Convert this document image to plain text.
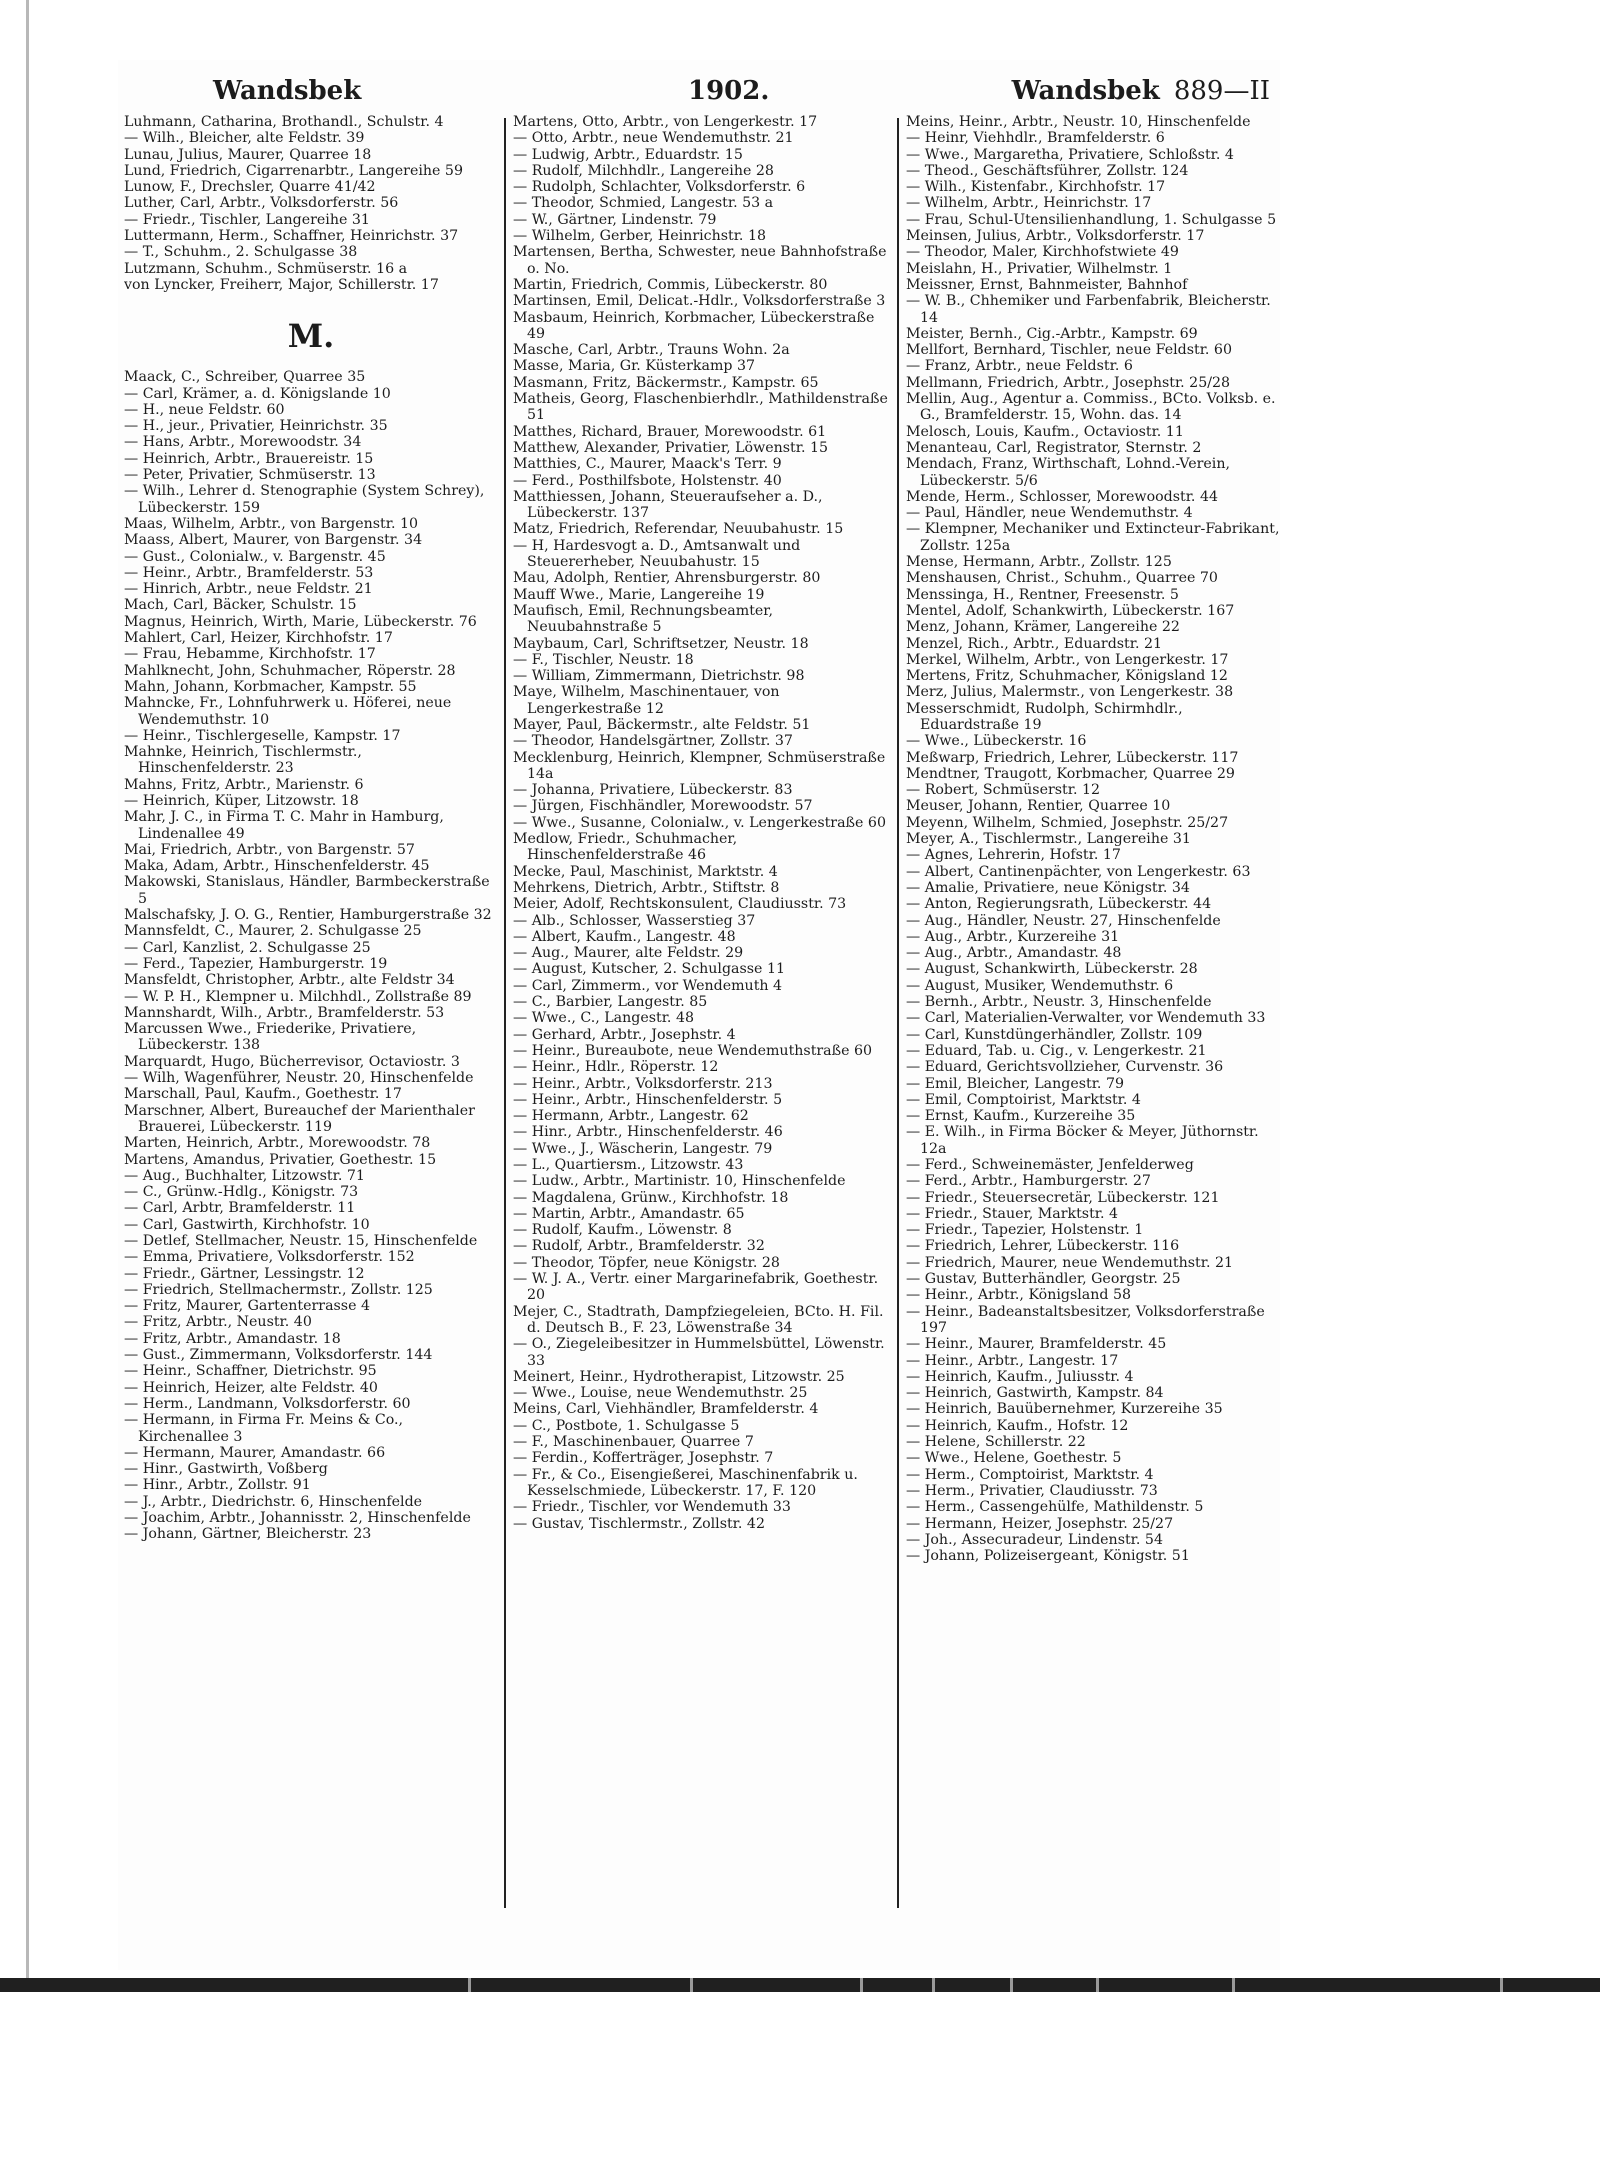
Wandsbek	1902.	Wandsbek 889—II

Luhmann, Catharina, Brothandl., Schulstr. 4

— Wilh., Bleicher, alte Feldstr. 39

Lunau, Julius, Maurer, Quarree 18

Lund, Friedrich, Cigarrenarbtr., Langereihe 59

Lunow, F., Drechsler, Quarre 41/42

Luther, Carl, Arbtr., Volksdorferstr. 56

— Friedr., Tischler, Langereihe 31

Luttermann, Herm., Schaffner, Heinrichstr. 37

— T., Schuhm., 2. Schulgasse 38

Lutzmann, Schuhm., Schmüserstr. 16 a

von Lyncker, Freiherr, Major, Schillerstr. 17

M.

Maack, C., Schreiber, Quarree 35

— Carl, Krämer, a. d. Königslande 10

— H., neue Feldstr. 60

— H., jeur., Privatier, Heinrichstr. 35

— Hans, Arbtr., Morewoodstr. 34

— Heinrich, Arbtr., Brauereistr. 15

— Peter, Privatier, Schmüserstr. 13

— Wilh., Lehrer d. Stenographie (System Schrey), Lübeckerstr. 159

Maas, Wilhelm, Arbtr., von Bargenstr. 10

Maass, Albert, Maurer, von Bargenstr. 34

— Gust., Colonialw., v. Bargenstr. 45

— Heinr., Arbtr., Bramfelderstr. 53

— Hinrich, Arbtr., neue Feldstr. 21

Mach, Carl, Bäcker, Schulstr. 15

Magnus, Heinrich, Wirth, Marie, Lübeckerstr. 76

Mahlert, Carl, Heizer, Kirchhofstr. 17

— Frau, Hebamme, Kirchhofstr. 17

Mahlknecht, John, Schuhmacher, Röperstr. 28

Mahn, Johann, Korbmacher, Kampstr. 55

Mahncke, Fr., Lohnfuhrwerk u. Höferei, neue Wendemuthstr. 10

— Heinr., Tischlergeselle, Kampstr. 17

Mahnke, Heinrich, Tischlermstr., Hinschenfelderstr. 23

Mahns, Fritz, Arbtr., Marienstr. 6

— Heinrich, Küper, Litzowstr. 18

Mahr, J. C., in Firma T. C. Mahr in Hamburg, Lindenallee 49

Mai, Friedrich, Arbtr., von Bargenstr. 57

Maka, Adam, Arbtr., Hinschenfelderstr. 45

Makowski, Stanislaus, Händler, Barmbeckerstraße 5

Malschafsky, J. O. G., Rentier, Hamburgerstraße 32

Mannsfeldt, C., Maurer, 2. Schulgasse 25

— Carl, Kanzlist, 2. Schulgasse 25

— Ferd., Tapezier, Hamburgerstr. 19

Mansfeldt, Christopher, Arbtr., alte Feldstr 34

— W. P. H., Klempner u. Milchhdl., Zollstraße 89

Mannshardt, Wilh., Arbtr., Bramfelderstr. 53

Marcussen Wwe., Friederike, Privatiere, Lübeckerstr. 138

Marquardt, Hugo, Bücherrevisor, Octaviostr. 3

— Wilh, Wagenführer, Neustr. 20, Hinschenfelde

Marschall, Paul, Kaufm., Goethestr. 17

Marschner, Albert, Bureauchef der Marienthaler Brauerei, Lübeckerstr. 119

Marten, Heinrich, Arbtr., Morewoodstr. 78

Martens, Amandus, Privatier, Goethestr. 15

— Aug., Buchhalter, Litzowstr. 71

— C., Grünw.-Hdlg., Königstr. 73

— Carl, Arbtr, Bramfelderstr. 11

— Carl, Gastwirth, Kirchhofstr. 10

— Detlef, Stellmacher, Neustr. 15, Hinschenfelde

— Emma, Privatiere, Volksdorferstr. 152

— Friedr., Gärtner, Lessingstr. 12

— Friedrich, Stellmachermstr., Zollstr. 125

— Fritz, Maurer, Gartenterrasse 4

— Fritz, Arbtr., Neustr. 40

— Fritz, Arbtr., Amandastr. 18

— Gust., Zimmermann, Volksdorferstr. 144

— Heinr., Schaffner, Dietrichstr. 95

— Heinrich, Heizer, alte Feldstr. 40

— Herm., Landmann, Volksdorferstr. 60

— Hermann, in Firma Fr. Meins & Co., Kirchenallee 3

— Hermann, Maurer, Amandastr. 66

— Hinr., Gastwirth, Voßberg

— Hinr., Arbtr., Zollstr. 91

— J., Arbtr., Diedrichstr. 6, Hinschenfelde

— Joachim, Arbtr., Johannisstr. 2, Hinschenfelde

— Johann, Gärtner, Bleicherstr. 23

Martens, Otto, Arbtr., von Lengerkestr. 17

— Otto, Arbtr., neue Wendemuthstr. 21

— Ludwig, Arbtr., Eduardstr. 15

— Rudolf, Milchhdlr., Langereihe 28

— Rudolph, Schlachter, Volksdorferstr. 6

— Theodor, Schmied, Langestr. 53 a

— W., Gärtner, Lindenstr. 79

— Wilhelm, Gerber, Heinrichstr. 18

Martensen, Bertha, Schwester, neue Bahnhofstraße o. No.

Martin, Friedrich, Commis, Lübeckerstr. 80

Martinsen, Emil, Delicat.-Hdlr., Volksdorferstraße 3

Masbaum, Heinrich, Korbmacher, Lübeckerstraße 49

Masche, Carl, Arbtr., Trauns Wohn. 2a

Masse, Maria, Gr. Küsterkamp 37

Masmann, Fritz, Bäckermstr., Kampstr. 65

Matheis, Georg, Flaschenbierhdlr., Mathildenstraße 51

Matthes, Richard, Brauer, Morewoodstr. 61

Matthew, Alexander, Privatier, Löwenstr. 15

Matthies, C., Maurer, Maack's Terr. 9

— Ferd., Posthilfsbote, Holstenstr. 40

Matthiessen, Johann, Steueraufseher a. D., Lübeckerstr. 137

Matz, Friedrich, Referendar, Neuubahustr. 15

— H, Hardesvogt a. D., Amtsanwalt und Steuererheber, Neuubahustr. 15

Mau, Adolph, Rentier, Ahrensburgerstr. 80

Mauff Wwe., Marie, Langereihe 19

Maufisch, Emil, Rechnungsbeamter, Neuubahnstraße 5

Maybaum, Carl, Schriftsetzer, Neustr. 18

— F., Tischler, Neustr. 18

— William, Zimmermann, Dietrichstr. 98

Maye, Wilhelm, Maschinentauer, von Lengerkestraße 12

Mayer, Paul, Bäckermstr., alte Feldstr. 51

— Theodor, Handelsgärtner, Zollstr. 37

Mecklenburg, Heinrich, Klempner, Schmüserstraße 14a

— Johanna, Privatiere, Lübeckerstr. 83

— Jürgen, Fischhändler, Morewoodstr. 57

— Wwe., Susanne, Colonialw., v. Lengerkestraße 60

Medlow, Friedr., Schuhmacher, Hinschenfelderstraße 46

Mecke, Paul, Maschinist, Marktstr. 4

Mehrkens, Dietrich, Arbtr., Stiftstr. 8

Meier, Adolf, Rechtskonsulent, Claudiusstr. 73

— Alb., Schlosser, Wasserstieg 37

— Albert, Kaufm., Langestr. 48

— Aug., Maurer, alte Feldstr. 29

— August, Kutscher, 2. Schulgasse 11

— Carl, Zimmerm., vor Wendemuth 4

— C., Barbier, Langestr. 85

— Wwe., C., Langestr. 48

— Gerhard, Arbtr., Josephstr. 4

— Heinr., Bureaubote, neue Wendemuthstraße 60

— Heinr., Hdlr., Röperstr. 12

— Heinr., Arbtr., Volksdorferstr. 213

— Heinr., Arbtr., Hinschenfelderstr. 5

— Hermann, Arbtr., Langestr. 62

— Hinr., Arbtr., Hinschenfelderstr. 46

— Wwe., J., Wäscherin, Langestr. 79

— L., Quartiersm., Litzowstr. 43

— Ludw., Arbtr., Martinistr. 10, Hinschenfelde

— Magdalena, Grünw., Kirchhofstr. 18

— Martin, Arbtr., Amandastr. 65

— Rudolf, Kaufm., Löwenstr. 8

— Rudolf, Arbtr., Bramfelderstr. 32

— Theodor, Töpfer, neue Königstr. 28

— W. J. A., Vertr. einer Margarinefabrik, Goethestr. 20

Mejer, C., Stadtrath, Dampfziegeleien, BCto. H. Fil. d. Deutsch B., F. 23, Löwenstraße 34

— O., Ziegeleibesitzer in Hummelsbüttel, Löwenstr. 33

Meinert, Heinr., Hydrotherapist, Litzowstr. 25

— Wwe., Louise, neue Wendemuthstr. 25

Meins, Carl, Viehhändler, Bramfelderstr. 4

— C., Postbote, 1. Schulgasse 5

— F., Maschinenbauer, Quarree 7

— Ferdin., Kofferträger, Josephstr. 7

— Fr., & Co., Eisengießerei, Maschinenfabrik u. Kesselschmiede, Lübeckerstr. 17, F. 120

— Friedr., Tischler, vor Wendemuth 33

— Gustav, Tischlermstr., Zollstr. 42

Meins, Heinr., Arbtr., Neustr. 10, Hinschenfelde

— Heinr, Viehhdlr., Bramfelderstr. 6

— Wwe., Margaretha, Privatiere, Schloßstr. 4

— Theod., Geschäftsführer, Zollstr. 124

— Wilh., Kistenfabr., Kirchhofstr. 17

— Wilhelm, Arbtr., Heinrichstr. 17

— Frau, Schul-Utensilienhandlung, 1. Schulgasse 5

Meinsen, Julius, Arbtr., Volksdorferstr. 17

— Theodor, Maler, Kirchhofstwiete 49

Meislahn, H., Privatier, Wilhelmstr. 1

Meissner, Ernst, Bahnmeister, Bahnhof

— W. B., Chhemiker und Farbenfabrik, Bleicherstr. 14

Meister, Bernh., Cig.-Arbtr., Kampstr. 69

Mellfort, Bernhard, Tischler, neue Feldstr. 60

— Franz, Arbtr., neue Feldstr. 6

Mellmann, Friedrich, Arbtr., Josephstr. 25/28

Mellin, Aug., Agentur a. Commiss., BCto. Volksb. e. G., Bramfelderstr. 15, Wohn. das. 14

Melosch, Louis, Kaufm., Octaviostr. 11

Menanteau, Carl, Registrator, Sternstr. 2

Mendach, Franz, Wirthschaft, Lohnd.-Verein, Lübeckerstr. 5/6

Mende, Herm., Schlosser, Morewoodstr. 44

— Paul, Händler, neue Wendemuthstr. 4

— Klempner, Mechaniker und Extincteur-Fabrikant, Zollstr. 125a

Mense, Hermann, Arbtr., Zollstr. 125

Menshausen, Christ., Schuhm., Quarree 70

Menssinga, H., Rentner, Freesenstr. 5

Mentel, Adolf, Schankwirth, Lübeckerstr. 167

Menz, Johann, Krämer, Langereihe 22

Menzel, Rich., Arbtr., Eduardstr. 21

Merkel, Wilhelm, Arbtr., von Lengerkestr. 17

Mertens, Fritz, Schuhmacher, Königsland 12

Merz, Julius, Malermstr., von Lengerkestr. 38

Messerschmidt, Rudolph, Schirmhdlr., Eduardstraße 19

— Wwe., Lübeckerstr. 16

Meßwarp, Friedrich, Lehrer, Lübeckerstr. 117

Mendtner, Traugott, Korbmacher, Quarree 29

— Robert, Schmüserstr. 12

Meuser, Johann, Rentier, Quarree 10

Meyenn, Wilhelm, Schmied, Josephstr. 25/27

Meyer, A., Tischlermstr., Langereihe 31

— Agnes, Lehrerin, Hofstr. 17

— Albert, Cantinenpächter, von Lengerkestr. 63

— Amalie, Privatiere, neue Königstr. 34

— Anton, Regierungsrath, Lübeckerstr. 44

— Aug., Händler, Neustr. 27, Hinschenfelde

— Aug., Arbtr., Kurzereihe 31

— Aug., Arbtr., Amandastr. 48

— August, Schankwirth, Lübeckerstr. 28

— August, Musiker, Wendemuthstr. 6

— Bernh., Arbtr., Neustr. 3, Hinschenfelde

— Carl, Materialien-Verwalter, vor Wendemuth 33

— Carl, Kunstdüngerhändler, Zollstr. 109

— Eduard, Tab. u. Cig., v. Lengerkestr. 21

— Eduard, Gerichtsvollzieher, Curvenstr. 36

— Emil, Bleicher, Langestr. 79

— Emil, Comptoirist, Marktstr. 4

— Ernst, Kaufm., Kurzereihe 35

— E. Wilh., in Firma Böcker & Meyer, Jüthornstr. 12a

— Ferd., Schweinemäster, Jenfelderweg

— Ferd., Arbtr., Hamburgerstr. 27

— Friedr., Steuersecretär, Lübeckerstr. 121

— Friedr., Stauer, Marktstr. 4

— Friedr., Tapezier, Holstenstr. 1

— Friedrich, Lehrer, Lübeckerstr. 116

— Friedrich, Maurer, neue Wendemuthstr. 21

— Gustav, Butterhändler, Georgstr. 25

— Heinr., Arbtr., Königsland 58

— Heinr., Badeanstaltsbesitzer, Volksdorferstraße 197

— Heinr., Maurer, Bramfelderstr. 45

— Heinr., Arbtr., Langestr. 17

— Heinrich, Kaufm., Juliusstr. 4

— Heinrich, Gastwirth, Kampstr. 84

— Heinrich, Bauübernehmer, Kurzereihe 35

— Heinrich, Kaufm., Hofstr. 12

— Helene, Schillerstr. 22

— Wwe., Helene, Goethestr. 5

— Herm., Comptoirist, Marktstr. 4

— Herm., Privatier, Claudiusstr. 73

— Herm., Cassengehülfe, Mathildenstr. 5

— Hermann, Heizer, Josephstr. 25/27

— Joh., Assecuradeur, Lindenstr. 54

— Johann, Polizeisergeant, Königstr. 51
